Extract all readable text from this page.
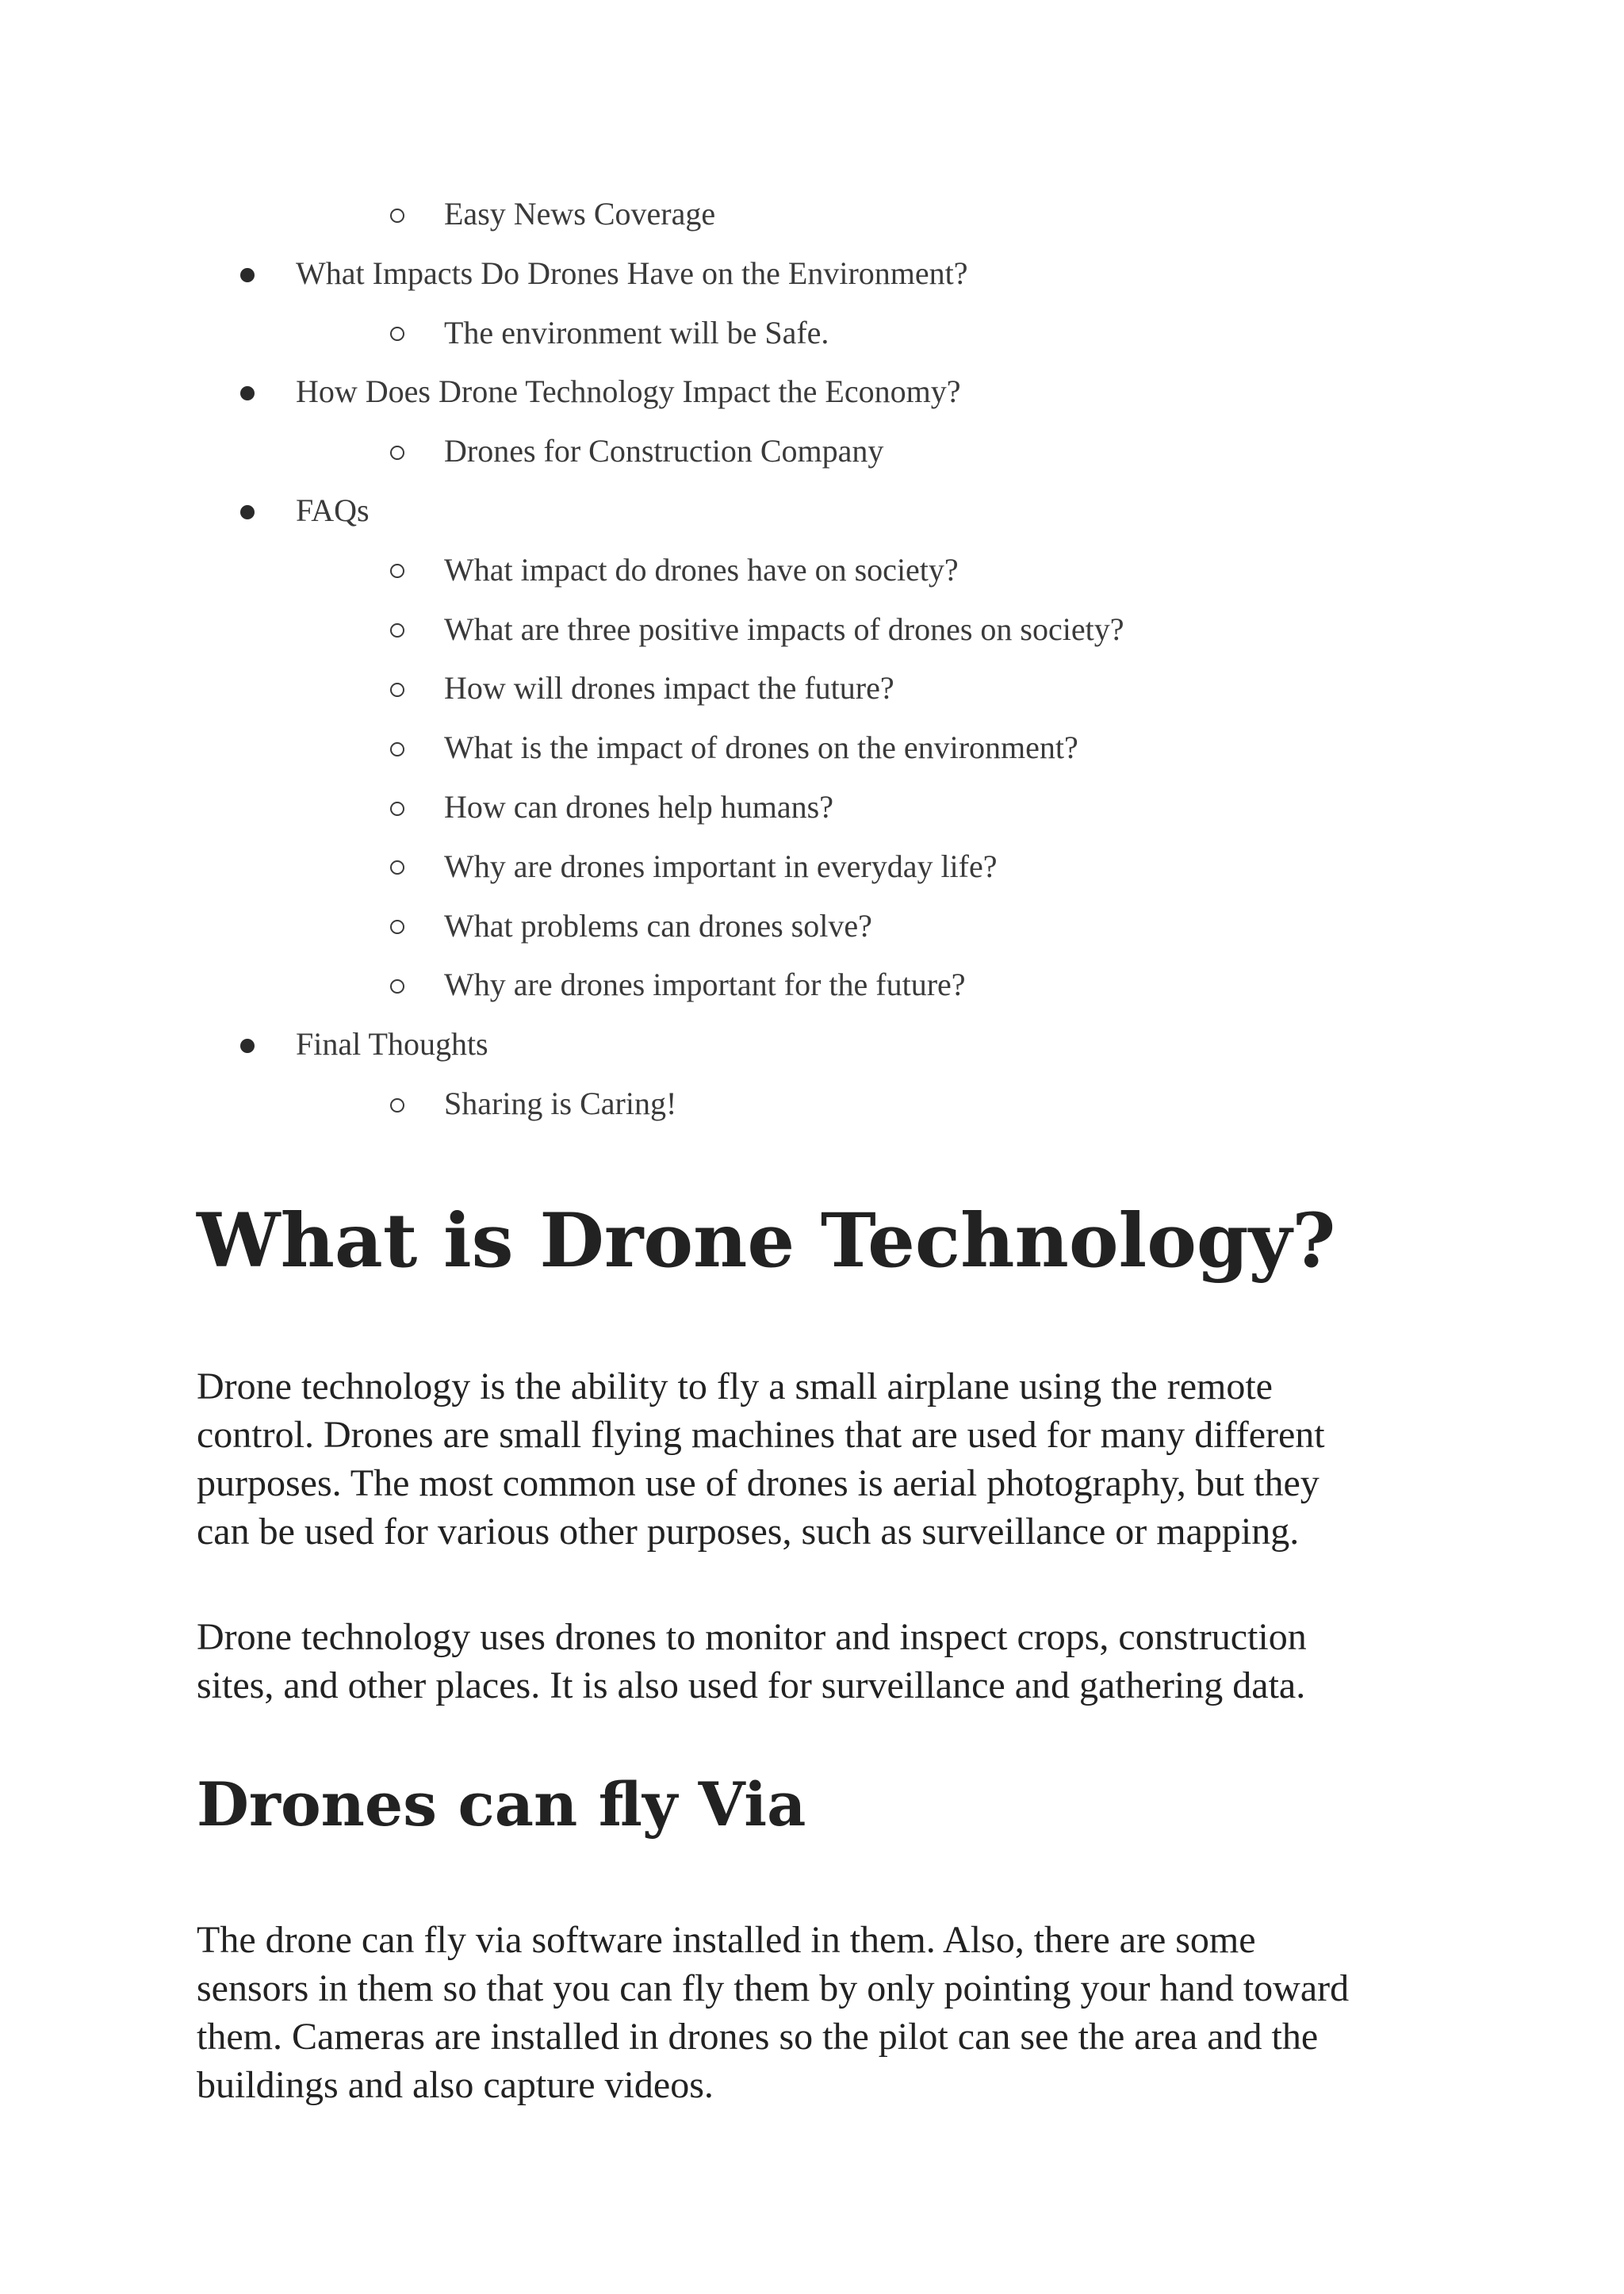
Easy News Coverage
What Impacts Do Drones Have on the Environment?
The environment will be Safe.
How Does Drone Technology Impact the Economy?
Drones for Construction Company
FAQs
What impact do drones have on society?
What are three positive impacts of drones on society?
How will drones impact the future?
What is the impact of drones on the environment?
How can drones help humans?
Why are drones important in everyday life?
What problems can drones solve?
Why are drones important for the future?
Final Thoughts
Sharing is Caring!
What is Drone Technology?

Drone technology is the ability to fly a small airplane using the remote
control. Drones are small flying machines that are used for many different
purposes. The most common use of drones is aerial photography, but they
can be used for various other purposes, such as surveillance or mapping.

Drone technology uses drones to monitor and inspect crops, construction
sites, and other places. It is also used for surveillance and gathering data.

Drones can fly Via

The drone can fly via software installed in them. Also, there are some
sensors in them so that you can fly them by only pointing your hand toward
them. Cameras are installed in drones so the pilot can see the area and the
buildings and also capture videos.
